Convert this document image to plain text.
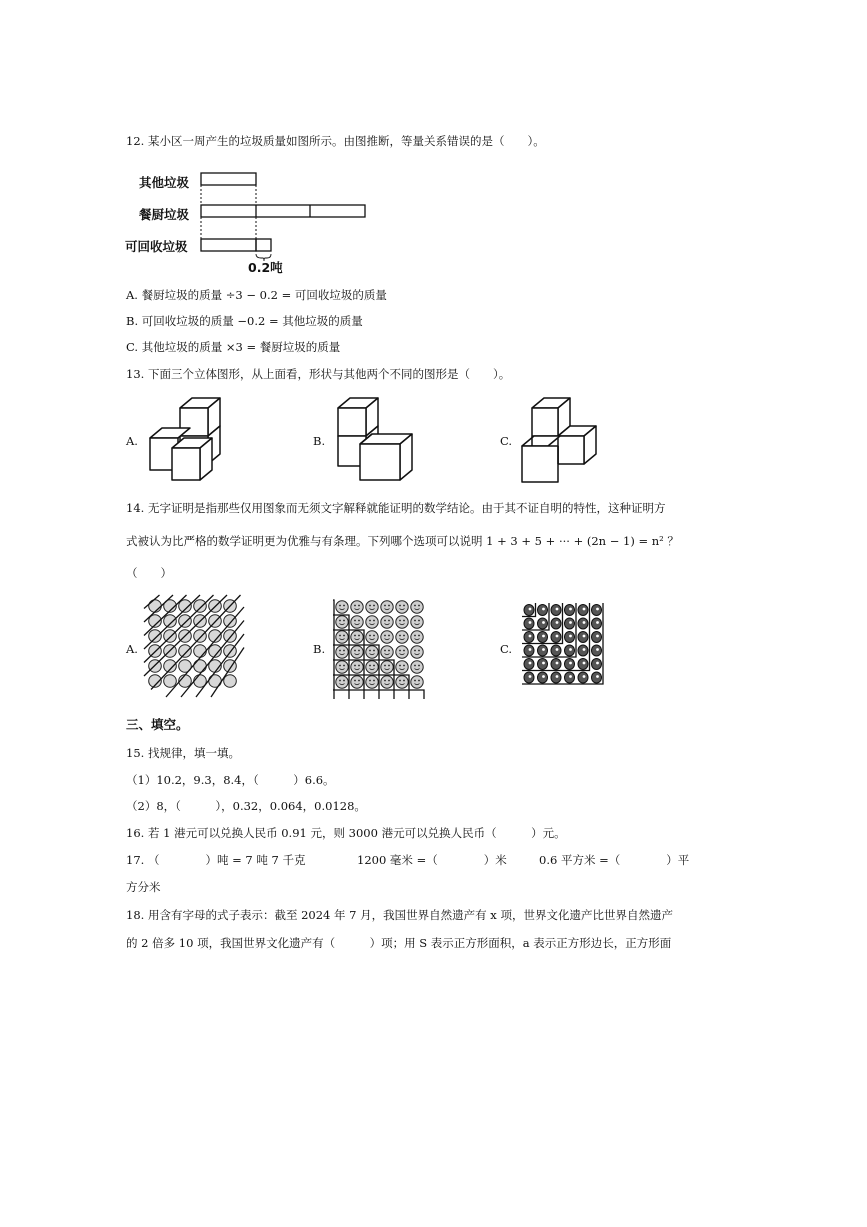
12. 某小区一周产生的垃圾质量如图所示。由图推断，等量关系错误的是（　　）。
其他垃圾
餐厨垃圾
可回收垃圾
0.2吨
A. 餐厨垃圾的质量 ÷3 − 0.2 = 可回收垃圾的质量
B. 可回收垃圾的质量 −0.2 = 其他垃圾的质量
C. 其他垃圾的质量 ×3 = 餐厨垃圾的质量
13. 下面三个立体图形，从上面看，形状与其他两个不同的图形是（　　）。
A.	B.	C.
14. 无字证明是指那些仅用图象而无须文字解释就能证明的数学结论。由于其不证自明的特性，这种证明方
式被认为比严格的数学证明更为优雅与有条理。下列哪个选项可以说明 1 + 3 + 5 + ··· + (2n − 1) = n² ？
（　　）
A.	B.	C.
三、填空。
15. 找规律，填一填。
（1）10.2，9.3，8.4，（　　　）6.6。
（2）8，（　　　），0.32，0.064，0.0128。
16. 若 1 港元可以兑换人民币 0.91 元，则 3000 港元可以兑换人民币（　　　）元。
17. （　　　　）吨 = 7 吨 7 千克	1200 毫米 =（　　　　）米	0.6 平方米 =（　　　　）平
方分米
18. 用含有字母的式子表示：截至 2024 年 7 月，我国世界自然遗产有 x 项，世界文化遗产比世界自然遗产
的 2 倍多 10 项，我国世界文化遗产有（　　　）项；用 S 表示正方形面积，a 表示正方形边长，正方形面
